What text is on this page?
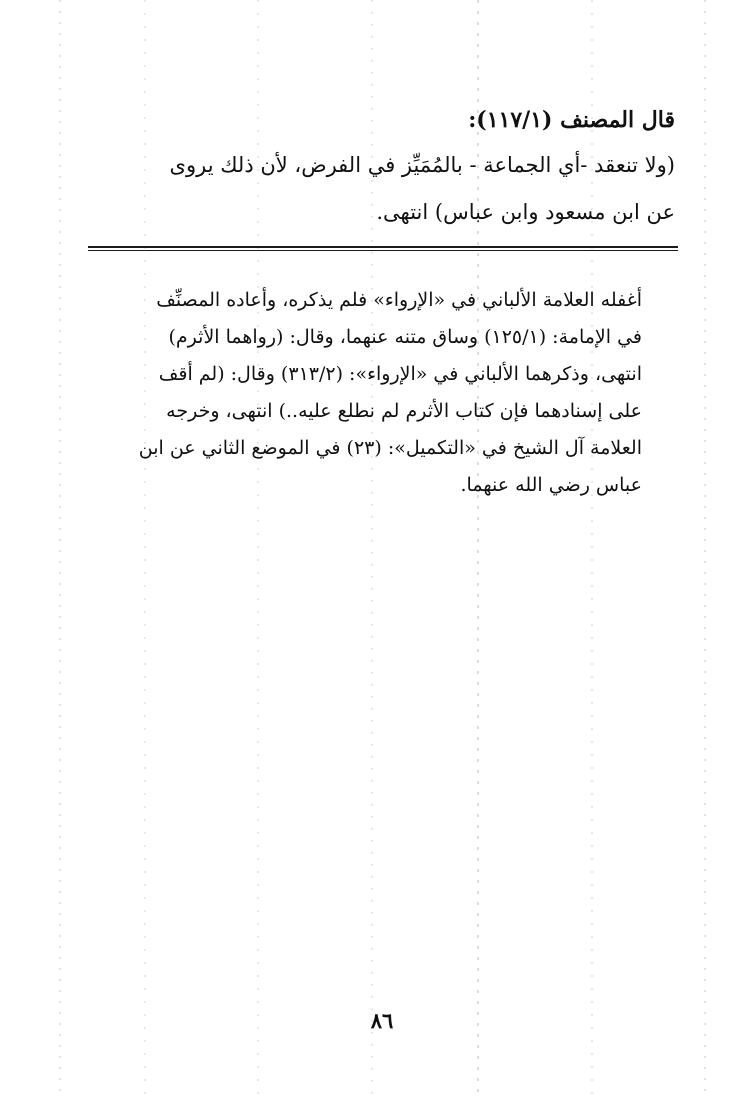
قال المصنف (١١٧/١):
(ولا تنعقد -أي الجماعة - بالمُمَيِّز في الفرض، لأن ذلك يروى
عن ابن مسعود وابن عباس) انتهى.
أغفله العلامة الألباني في «الإرواء» فلم يذكره، وأعاده المصنِّف
في الإمامة: (١٢٥/١) وساق متنه عنهما، وقال: (رواهما الأثرم)
انتهى، وذكرهما الألباني في «الإرواء»: (٣١٣/٢) وقال: (لم أقف
على إسنادهما فإن كتاب الأثرم لم نطلع عليه..) انتهى، وخرجه
العلامة آل الشيخ في «التكميل»: (٢٣) في الموضع الثاني عن ابن
عباس رضي الله عنهما.
٨٦
